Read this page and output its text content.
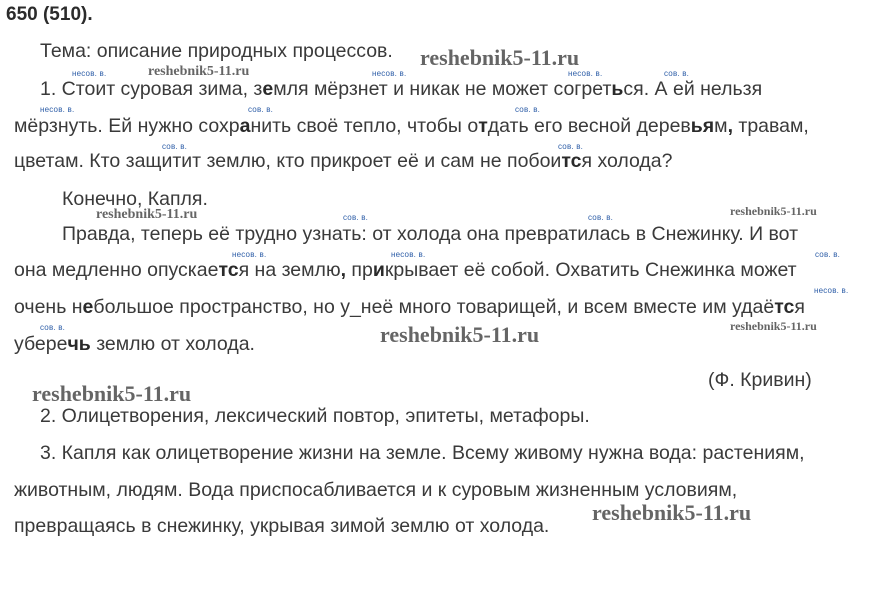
650 (510).
Тема: описание природных процессов. reshebnik5-11.ru
несов. в.	reshebnik5-11.ru	несов. в.	несов. в.	сов. в.
1. Стоит суровая зима, земля мёрзнет и никак не может согреться. А ей нельзя
несов. в.	сов. в.	сов. в.
мёрзнуть. Ей нужно сохранить своё тепло, чтобы отдать его весной деревьям, травам,
сов. в.	сов. в.
цветам. Кто защитит землю, кто прикроет её и сам не побоится холода?
Конечно, Капля.
reshebnik5-11.ru	сов. в.	сов. в.	reshebnik5-11.ru
Правда, теперь её трудно узнать: от холода она превратилась в Снежинку. И вот
несов. в.	несов. в.	сов. в.
она медленно опускается на землю, прикрывает её собой. Охватить Снежинка может
несов. в.
очень небольшое пространство, но у_неё много товарищей, и всем вместе им удаётся
сов. в.	reshebnik5-11.ru	reshebnik5-11.ru
уберечь землю от холода.
(Ф. Кривин)
reshebnik5-11.ru
2. Олицетворения, лексический повтор, эпитеты, метафоры.
3. Капля как олицетворение жизни на земле. Всему живому нужна вода: растениям,
животным, людям. Вода приспосабливается и к суровым жизненным условиям,
превращаясь в снежинку, укрывая зимой землю от холода.
reshebnik5-11.ru
